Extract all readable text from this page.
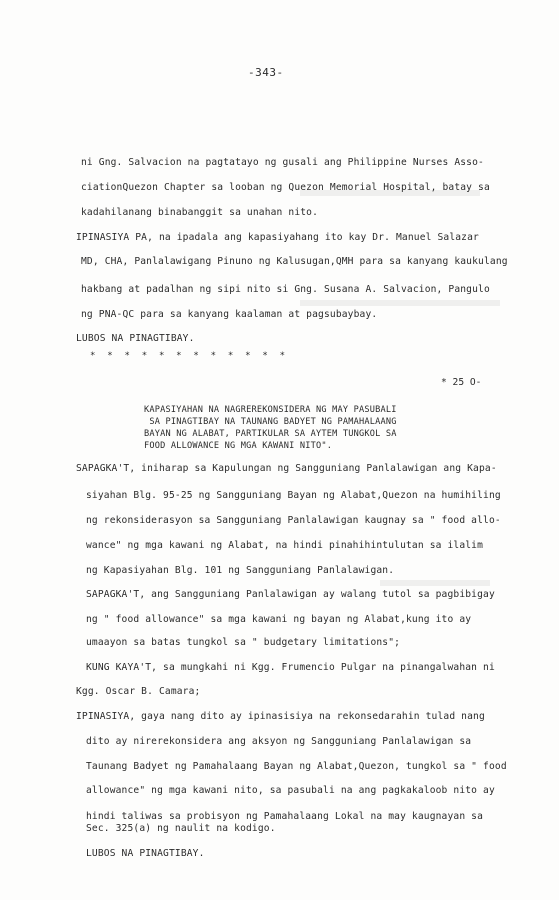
-343-
ni Gng. Salvacion na pagtatayo ng gusali ang Philippine Nurses Asso-
ciationQuezon Chapter sa looban ng Quezon Memorial Hospital, batay sa
kadahilanang binabanggit sa unahan nito.
IPINASIYA PA, na ipadala ang kapasiyahang ito kay Dr. Manuel Salazar
MD, CHA, Panlalawigang Pinuno ng Kalusugan,QMH para sa kanyang kaukulang
hakbang at padalhan ng sipi nito si Gng. Susana A. Salvacion, Pangulo
ng PNA-QC para sa kanyang kaalaman at pagsubaybay.
LUBOS NA PINAGTIBAY.
* * * * * * * * * * * *
* 25 O-
KAPASIYAHAN NA NAGREREKONSIDERA NG MAY PASUBALI
SA PINAGTIBAY NA TAUNANG BADYET NG PAMAHALAANG
BAYAN NG ALABAT, PARTIKULAR SA AYTEM TUNGKOL SA
FOOD ALLOWANCE NG MGA KAWANI NITO".
SAPAGKA'T, iniharap sa Kapulungan ng Sangguniang Panlalawigan ang Kapa-
siyahan Blg. 95-25 ng Sangguniang Bayan ng Alabat,Quezon na humihiling
ng rekonsiderasyon sa Sangguniang Panlalawigan kaugnay sa " food allo-
wance" ng mga kawani ng Alabat, na hindi pinahihintulutan sa ilalim
ng Kapasiyahan Blg. 101 ng Sangguniang Panlalawigan.
SAPAGKA'T, ang Sangguniang Panlalawigan ay walang tutol sa pagbibigay
ng " food allowance" sa mga kawani ng bayan ng Alabat,kung ito ay
umaayon sa batas tungkol sa " budgetary limitations";
KUNG KAYA'T, sa mungkahi ni Kgg. Frumencio Pulgar na pinangalwahan ni
Kgg. Oscar B. Camara;
IPINASIYA, gaya nang dito ay ipinasisiya na rekonsedarahin tulad nang
dito ay nirerekonsidera ang aksyon ng Sangguniang Panlalawigan sa
Taunang Badyet ng Pamahalaang Bayan ng Alabat,Quezon, tungkol sa " food
allowance" ng mga kawani nito, sa pasubali na ang pagkakaloob nito ay
hindi taliwas sa probisyon ng Pamahalaang Lokal na may kaugnayan sa
Sec. 325(a) ng naulit na kodigo.
LUBOS NA PINAGTIBAY.
